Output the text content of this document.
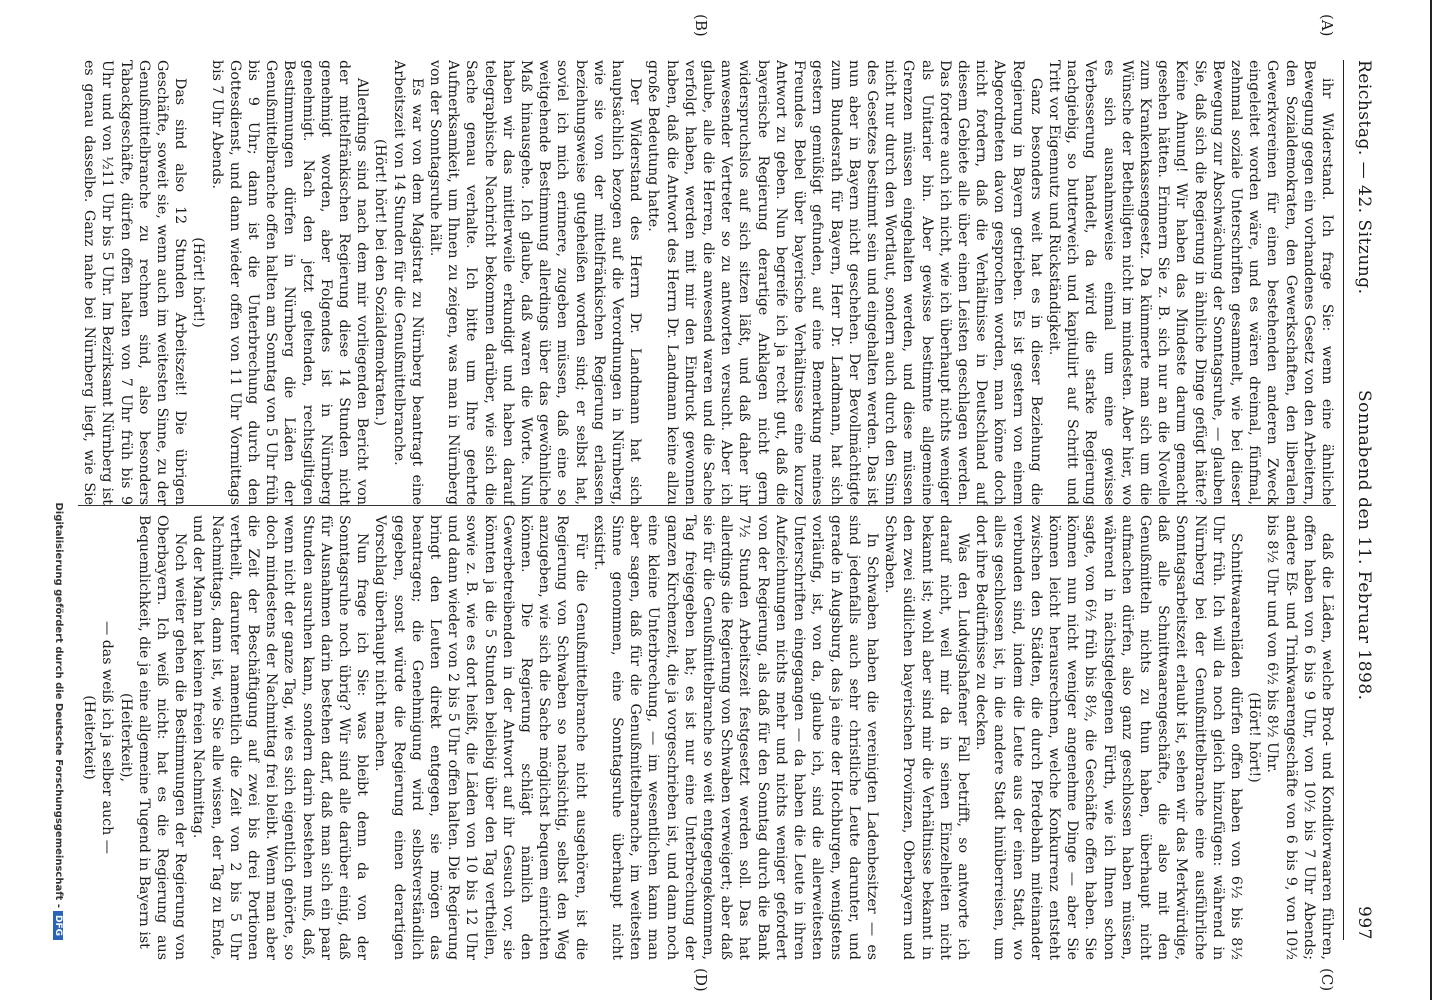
Reichstag. — 42. Sitzung.
Sonnabend den 11. Februar 1898.
997
(A)
(B)
(C)
(D)

ihr Widerstand. Ich frage Sie: wenn eine ähnliche Bewegung gegen ein vorhandenes Gesetz von den Arbeitern, den Sozialdemokraten, den Gewerkschaften, den liberalen Gewerkvereinen für einen bestehenden anderen Zweck eingeleitet worden wäre, und es wären dreimal, fünfmal, zehnmal soziale Unterschriften gesammelt, wie bei dieser Bewegung zur Abschwächung der Sonntagsruhe, — glauben Sie, daß sich die Regierung in ähnliche Dinge gefügt hätte? Keine Ahnung! Wir haben das Mindeste darum gemacht gesehen hätten. Erinnern Sie z. B. sich nur an die Novelle zum Krankenkassengesetz. Da kümmerte man sich um die Wünsche der Betheiligten nicht im mindesten. Aber hier, wo es sich ausnahmsweise einmal um eine gewisse Verbesserung handelt, da wird die starke Regierung nachgiebig, so butterweich und kapitulirt auf Schritt und Tritt vor Eigennutz und Rückständigkeit.

Ganz besonders weit hat es in dieser Beziehung die Regierung in Bayern getrieben. Es ist gestern von einem Abgeordneten davon gesprochen worden, man könne doch nicht fordern, daß die Verhältnisse in Deutschland auf diesem Gebiete alle über einen Leisten geschlagen werden. Das fordere auch ich nicht, wie ich überhaupt nichts weniger als Unitarier bin. Aber gewisse bestimmte allgemeine Grenzen müssen eingehalten werden, und diese müssen nicht nur durch den Wortlaut, sondern auch durch den Sinn des Gesetzes bestimmt sein und eingehalten werden. Das ist nun aber in Bayern nicht geschehen. Der Bevollmächtigte zum Bundesrath für Bayern, Herr Dr. Landmann, hat sich gestern gemüßigt gefunden, auf eine Bemerkung meines Freundes Bebel über bayerische Verhältnisse eine kurze Antwort zu geben. Nun begreife ich ja recht gut, daß die bayerische Regierung derartige Anklagen nicht gern widerspruchslos auf sich sitzen läßt, und daß daher ihr anwesender Vertreter so zu antworten versucht. Aber ich glaube, alle die Herren, die anwesend waren und die Sache verfolgt haben, werden mit mir den Eindruck gewonnen haben, daß die Antwort des Herrn Dr. Landmann keine allzu große Bedeutung hatte.

Der Widerstand des Herrn Dr. Landmann hat sich hauptsächlich bezogen auf die Verordnungen in Nürnberg, wie sie von der mittelfränkischen Regierung erlassen beziehungsweise gutgeheißen worden sind; er selbst hat, soviel ich mich erinnere, zugeben müssen, daß eine so weitgehende Bestimmung allerdings über das gewöhnliche Maß hinausgehe. Ich glaube, daß waren die Worte. Nun haben wir das mittlerweile erkundigt und haben darauf telegraphische Nachricht bekommen darüber, wie sich die Sache genau verhalte. Ich bitte um Ihre geehrte Aufmerksamkeit, um Ihnen zu zeigen, was man in Nürnberg von der Sonntagsruhe hält.

Es war von dem Magistrat zu Nürnberg beantragt eine Arbeitszeit von 14 Stunden für die Genußmittelbranche.

(Hört! hört! bei den Sozialdemokraten.)

Allerdings sind nach dem mir vorliegenden Bericht von der mittelfränkischen Regierung diese 14 Stunden nicht genehmigt worden, aber Folgendes ist in Nürnberg genehmigt. Nach den jetzt geltenden, rechtsgiltigen Bestimmungen dürfen in Nürnberg die Läden der Genußmittelbranche offen halten am Sonntag von 5 Uhr früh bis 9 Uhr; dann ist die Unterbrechung durch den Gottesdienst, und dann wieder offen von 11 Uhr Vormittags bis 7 Uhr Abends.

(Hört! hört!)

Das sind also 12 Stunden Arbeitszeit! Die übrigen Geschäfte, soweit sie, wenn auch im weitesten Sinne, zu der Genußmittelbranche zu rechnen sind, also besonders Tabackgeschäfte, dürfen offen halten von 7 Uhr früh bis 9 Uhr und von ½11 Uhr bis 5 Uhr. Im Bezirksamt Nürnberg ist es genau dasselbe. Ganz nahe bei Nürnberg liegt, wie Sie

daß die Läden, welche Brod- und Konditorwaaren führen, offen haben von 6 bis 9 Uhr, von 10½ bis 7 Uhr Abends; andere Eß- und Trinkwaarengeschäfte von 6 bis 9, von 10½ bis 8½ Uhr und von 6½ bis 8½ Uhr.

(Hört! hört!)

Schnittwaarenläden dürfen offen haben von 6½ bis 8½ Uhr früh. Ich will da noch gleich hinzufügen: während in Nürnberg bei der Genußmittelbranche eine ausführliche Sonntagsarbeitszeit erlaubt ist, sehen wir das Merkwürdige, daß alle Schnittwaarengeschäfte, die also mit den Genußmitteln nichts zu thun haben, überhaupt nicht aufmachen dürfen, also ganz geschlossen haben müssen, während in nächstgelegenen Fürth, wie ich Ihnen schon sagte, von 6½ früh bis 8½, die Geschäfte offen haben. Sie können nun nicht weniger angenehme Dinge — aber Sie können leicht herausrechnen, welche Konkurrenz entsteht zwischen den Städten, die durch Pferdebahn miteinander verbunden sind, indem die Leute aus der einen Stadt, wo alles geschlossen ist, in die andere Stadt hinüberreisen, um dort ihre Bedürfnisse zu decken.

Was den Ludwigshafener Fall betrifft, so antworte ich darauf nicht, weil mir da in seinen Einzelheiten nicht bekannt ist; wohl aber sind mir die Verhältnisse bekannt in den zwei südlichen bayerischen Provinzen, Oberbayern und Schwaben.

In Schwaben haben die vereinigten Ladenbesitzer — es sind jedenfalls auch sehr christliche Leute darunter, und gerade in Augsburg, das ja eine der Hochburgen, wenigstens vorläufig, ist, von da, glaube ich, sind die allerweitesten Unterschriften eingegangen — da haben die Leute in ihren Aufzeichnungen nichts mehr und nichts weniger gefordert von der Regierung, als daß für den Sonntag durch die Bank 7½ Stunden Arbeitszeit festgesetzt werden soll. Das hat allerdings die Regierung von Schwaben verweigert; aber daß sie für die Genußmittelbranche so weit entgegengekommen, Tag freigegeben hat; es ist nur eine Unterbrechung der ganzen Kirchenzeit, die ja vorgeschrieben ist, und dann noch eine kleine Unterbrechung, — im wesentlichen kann man aber sagen, daß für die Genußmittelbranche, im weitesten Sinne genommen, eine Sonntagsruhe überhaupt nicht existirt.

Für die Genußmittelbranche nicht ausgehören, ist die Regierung von Schwaben so nachsichtig, selbst den Weg anzugeben, wie sich die Sache möglichst bequem einrichten können. Die Regierung schlägt nämlich den Gewerbetreibenden in der Antwort auf ihr Gesuch vor, sie könnten ja die 5 Stunden beliebig über den Tag vertheilen, sowie z. B. wie es dort heißt, die Läden von 10 bis 12 Uhr und dann wieder von 2 bis 5 Uhr offen halten. Die Regierung bringt den Leuten direkt entgegen, sie mögen das beantragen; die Genehmigung wird selbstverständlich gegeben, sonst würde die Regierung einen derartigen Vorschlag überhaupt nicht machen.

Nun frage ich Sie: was bleibt denn da von der Sonntagsruhe noch übrig? Wir sind alle darüber einig, daß für Ausnahmen darin bestehen darf, daß man sich ein paar Stunden ausruhen kann, sondern darin bestehen muß, daß, wenn nicht der ganze Tag, wie es sich eigentlich gehörte, so doch mindestens der Nachmittag frei bleibt. Wenn man aber die Zeit der Beschäftigung auf zwei bis drei Portionen vertheilt, darunter namentlich die Zeit von 2 bis 5 Uhr Nachmittags, dann ist, wie Sie alle wissen, der Tag zu Ende, und der Mann hat keinen freien Nachmittag.

Noch weiter gehen die Bestimmungen der Regierung von Oberbayern. Ich weiß nicht: hat es die Regierung aus Bequemlichkeit, die ja eine allgemeine Tugend in Bayern ist

(Heiterkeit),

— das weiß ich ja selber auch —

(Heiterkeit)

Digitalisierung gefördert durch die Deutsche Forschungsgemeinschaft -DFG
